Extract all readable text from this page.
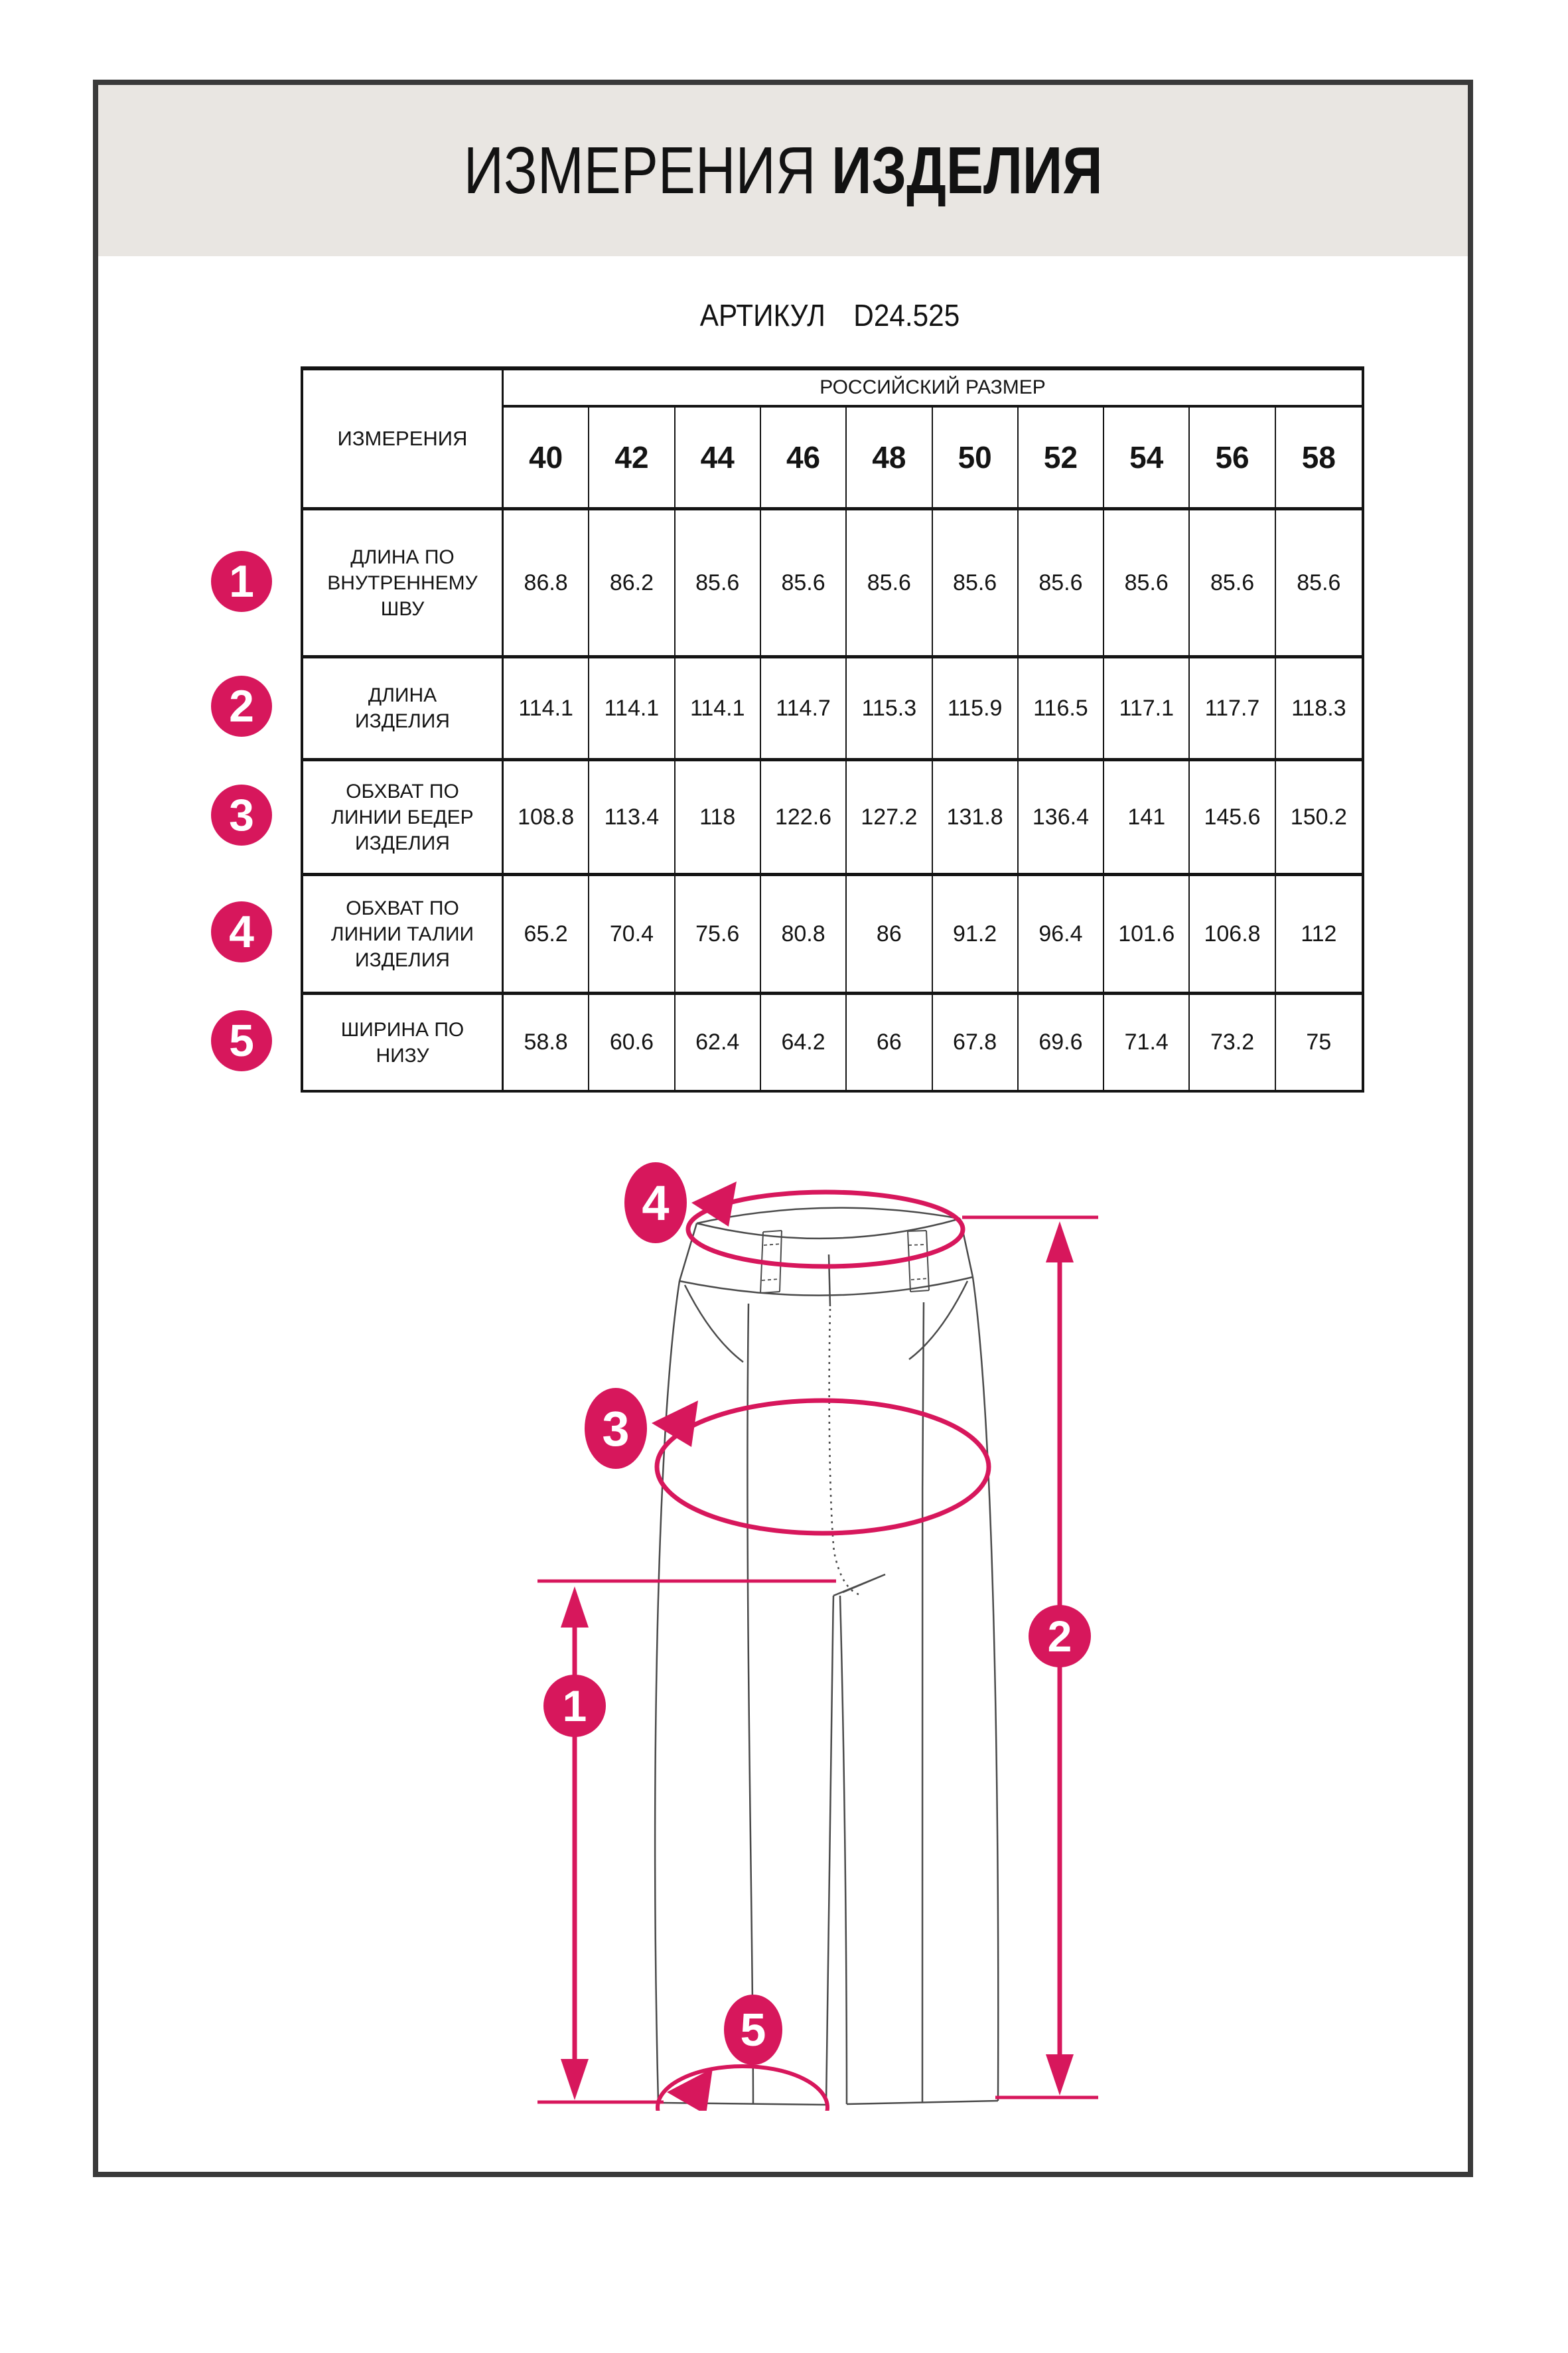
ИЗМЕРЕНИЯ ИЗДЕЛИЯ
АРТИКУЛ D24.525
ИЗМЕРЕНИЯ
РОССИЙСКИЙ РАЗМЕР
40	42	44	46	48	50	52	54	56	58
ДЛИНА ПО ВНУТРЕННЕМУ ШВУ
86.8	86.2	85.6	85.6	85.6	85.6	85.6	85.6	85.6	85.6
ДЛИНА ИЗДЕЛИЯ
114.1	114.1	114.1	114.7	115.3	115.9	116.5	117.1	117.7	118.3
ОБХВАТ ПО ЛИНИИ БЕДЕР ИЗДЕЛИЯ
108.8	113.4	118	122.6	127.2	131.8	136.4	141	145.6	150.2
ОБХВАТ ПО ЛИНИИ ТАЛИИ ИЗДЕЛИЯ
65.2	70.4	75.6	80.8	86	91.2	96.4	101.6	106.8	112
ШИРИНА ПО НИЗУ
58.8	60.6	62.4	64.2	66	67.8	69.6	71.4	73.2	75
1
2
3
4
5
4
3
5
1
2
